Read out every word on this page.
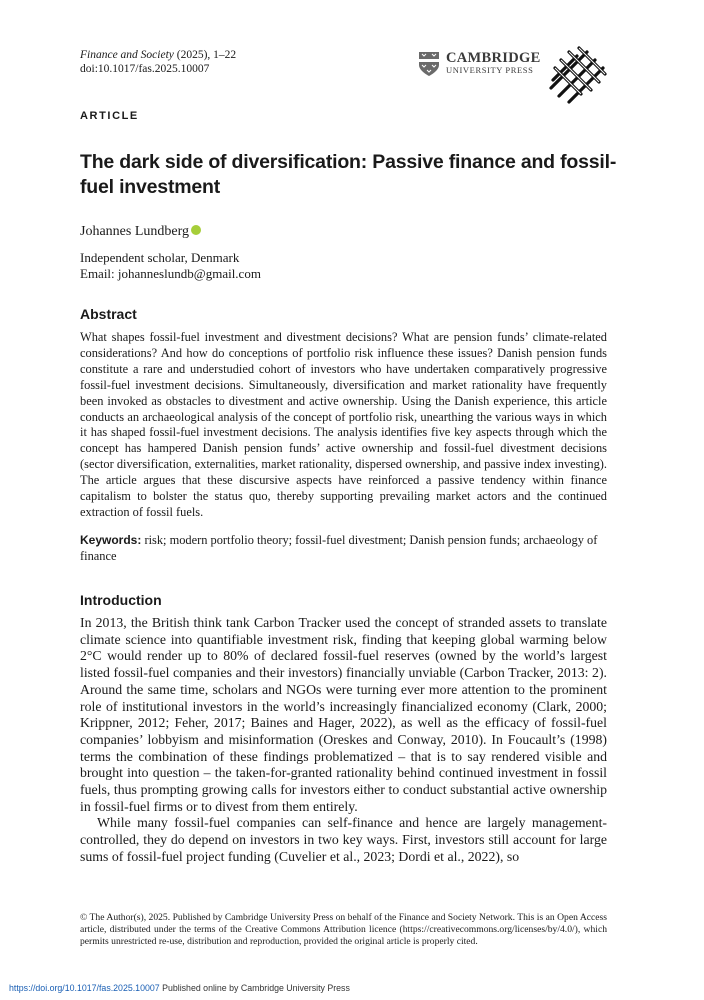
Finance and Society (2025), 1–22
doi:10.1017/fas.2025.10007
CAMBRIDGE
UNIVERSITY PRESS
ARTICLE
The dark side of diversification: Passive finance and fossil-fuel investment
Johannes Lundberg
Independent scholar, Denmark
Email: johanneslundb@gmail.com
Abstract

What shapes fossil-fuel investment and divestment decisions? What are pension funds’ climate-related considerations? And how do conceptions of portfolio risk influence these issues? Danish pension funds constitute a rare and understudied cohort of investors who have undertaken comparatively progressive fossil-fuel investment decisions. Simultaneously, diversification and market rationality have frequently been invoked as obstacles to divestment and active ownership. Using the Danish experience, this article conducts an archaeological analysis of the concept of portfolio risk, unearthing the various ways in which it has shaped fossil-fuel investment decisions. The analysis identifies five key aspects through which the concept has hampered Danish pension funds’ active ownership and fossil-fuel divestment decisions (sector diversification, externalities, market rationality, dispersed ownership, and passive index investing). The article argues that these discursive aspects have reinforced a passive tendency within finance capitalism to bolster the status quo, thereby supporting prevailing market actors and the continued extraction of fossil fuels.

Keywords: risk; modern portfolio theory; fossil-fuel divestment; Danish pension funds; archaeology of finance

Introduction

In 2013, the British think tank Carbon Tracker used the concept of stranded assets to translate climate science into quantifiable investment risk, finding that keeping global warming below 2°C would render up to 80% of declared fossil-fuel reserves (owned by the world’s largest listed fossil-fuel companies and their investors) financially unviable (Carbon Tracker, 2013: 2). Around the same time, scholars and NGOs were turning ever more attention to the prominent role of institutional investors in the world’s increasingly financialized economy (Clark, 2000; Krippner, 2012; Feher, 2017; Baines and Hager, 2022), as well as the efficacy of fossil-fuel companies’ lobbyism and misinformation (Oreskes and Conway, 2010). In Foucault’s (1998) terms the combination of these findings problematized – that is to say rendered visible and brought into question – the taken-for-granted rationality behind continued investment in fossil fuels, thus prompting growing calls for investors either to conduct substantial active ownership in fossil-fuel firms or to divest from them entirely.

While many fossil-fuel companies can self-finance and hence are largely management-controlled, they do depend on investors in two key ways. First, investors still account for large sums of fossil-fuel project funding (Cuvelier et al., 2023; Dordi et al., 2022), so

© The Author(s), 2025. Published by Cambridge University Press on behalf of the Finance and Society Network. This is an Open Access article, distributed under the terms of the Creative Commons Attribution licence (https://creativecommons.org/licenses/by/4.0/), which permits unrestricted re-use, distribution and reproduction, provided the original article is properly cited.

https://doi.org/10.1017/fas.2025.10007 Published online by Cambridge University Press
